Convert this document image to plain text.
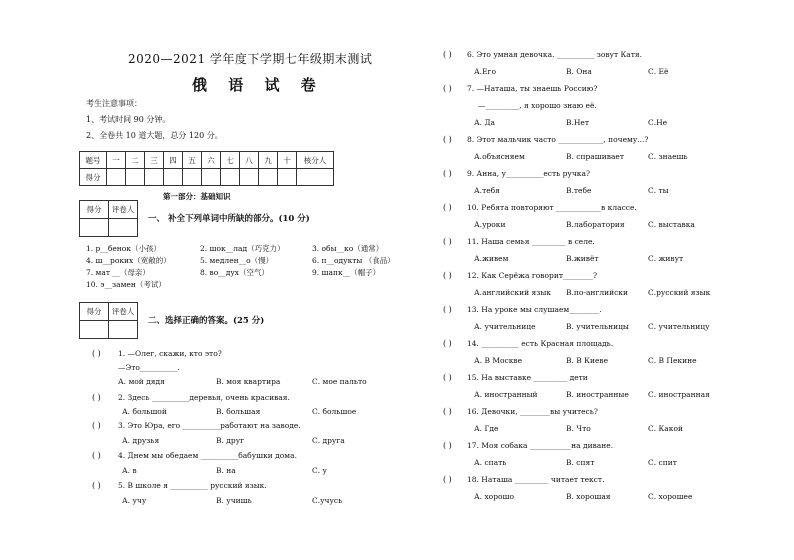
2020—2021 学年度下学期七年级期末测试
俄 语 试 卷
考生注意事项：
1、考试时间 90 分钟。
2、全卷共 10 道大题，总分 120 分。
题号	一	二	三	四	五	六	七	八	九	十	核分人
得分											
第一部分：基础知识
得分	评卷人

一、 补全下列单词中所缺的部分。(10 分)
1. р__бенок（小孩）	2. шок__лад（巧克力）	3. обы__ко（通常）
4. ш__роких（宽敞的）	5. медлен__о（慢）	6. п__одукты （食品）
7. мат __（母亲）	8. во__дух（空气）	9. шапк__（帽子）
10. э__замен（考试）
得分	评卷人

二、选择正确的答案。(25 分)
( ) 1. —Олег, скажи, кто это?
—Это__________.
А. мой дядя	В. моя квартира	С. мое пальто
( ) 2. Здесь __________деревья, очень красивая.
А. большой	В. большая	С. большое
( ) 3. Это Юра, его __________работают на заводе.
А. друзья	В. друг	С. друга
( ) 4. Днем мы обедаем __________бабушки дома.
А. в	В. на	С. у
( ) 5. В школе я __________ русский язык.
А. учу	В. учишь	С.учусь
( ) 6. Это умная девочка. __________ зовут Катя.
А.Его	В. Она	С. Её
( ) 7. —Наташа, ты знаешь Россию?
—_________, я хорошо знаю её.
А. Да	В.Нет	С.Не
( ) 8. Этот мальчик часто ____________, почему...?
А.объясняем	В. спрашивает	С. знаешь
( ) 9. Анна, у__________есть ручка?
А.тебя	В.тебе	С. ты
( ) 10. Ребята повторяют ____________в классе.
А.уроки	В.лаборатория	С. выставка
( ) 11. Наша семья _________ в селе.
А.живем	В.живёт	С. живут
( ) 12. Как Серёжа говорит________?
А.английский язык В.по-английски	С.русский язык
( ) 13. На уроке мы слушаем________.
А. учительнице	В. учительницы	С. учительницу
( ) 14. __________ есть Красная площадь.
А. В Москве	В. В Киеве	С. В Пекине
( ) 15. На выставке _________ дети
А. иностранный	В. иностранные	С. иностранная
( ) 16. Девочки, ________вы учитесь?
А. Где	В. Что	С. Какой
( ) 17. Моя собака ___________на диване.
А. спать	В. спят	С. спит
( ) 18. Наташа _________ читает текст.
А. хорошо	В. хорошая	С. хорошее
